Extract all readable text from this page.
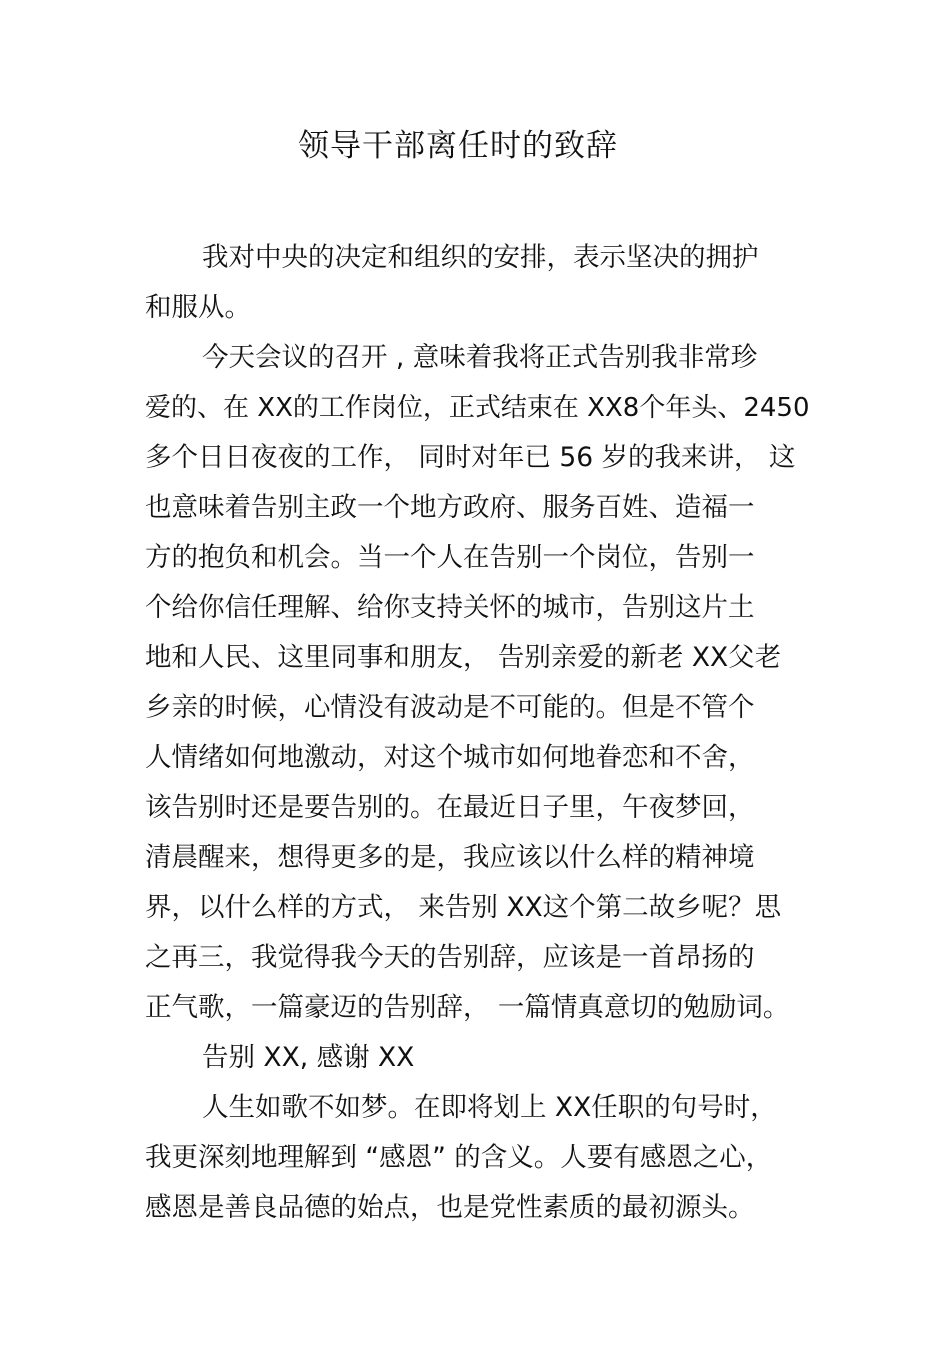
领导干部离任时的致辞
我对中央的决定和组织的安排，表示坚决的拥护
和服从。
今天会议的召开 , 意味着我将正式告别我非常珍
爱的、在 XX的工作岗位，正式结束在 XX8个年头、2450
多个日日夜夜的工作， 同时对年已 56 岁的我来讲， 这
也意味着告别主政一个地方政府、服务百姓、造福一
方的抱负和机会。当一个人在告别一个岗位，告别一
个给你信任理解、给你支持关怀的城市，告别这片土
地和人民、这里同事和朋友， 告别亲爱的新老 XX父老
乡亲的时候，心情没有波动是不可能的。但是不管个
人情绪如何地激动，对这个城市如何地眷恋和不舍，
该告别时还是要告别的。在最近日子里，午夜梦回，
清晨醒来，想得更多的是，我应该以什么样的精神境
界，以什么样的方式， 来告别 XX这个第二故乡呢？思
之再三，我觉得我今天的告别辞，应该是一首昂扬的
正气歌，一篇豪迈的告别辞， 一篇情真意切的勉励词。
告别 XX, 感谢 XX
人生如歌不如梦。在即将划上 XX任职的句号时，
我更深刻地理解到 “感恩” 的含义。人要有感恩之心，
感恩是善良品德的始点，也是党性素质的最初源头。
